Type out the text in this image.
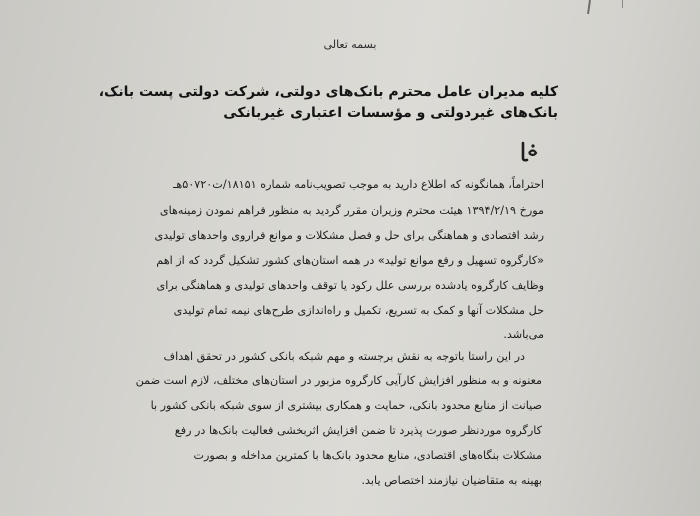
بسمه تعالی
کلیه مدیران عامل محترم بانک‌های دولتی، شرکت دولتی پست بانک،
بانک‌های غیردولتی و مؤسسات اعتباری غیربانکی
احتراماً، همانگونه که اطلاع دارید به موجب تصویب‌نامه شماره ۱۸۱۵۱/ت۵۰۷۲۰هـ
مورخ ۱۳۹۴/۲/۱۹ هیئت محترم وزیران مقرر گردید به منظور فراهم نمودن زمینه‌های
رشد اقتصادی و هماهنگی برای حل و فصل مشکلات و موانع فراروی واحدهای تولیدی
«کارگروه تسهیل و رفع موانع تولید» در همه استان‌های کشور تشکیل گردد که از اهم
وظایف کارگروه یادشده بررسی علل رکود یا توقف واحدهای تولیدی و هماهنگی برای
حل مشکلات آنها و کمک به تسریع، تکمیل و راه‌اندازی طرح‌های نیمه تمام تولیدی
می‌باشد.
در این راستا باتوجه به نقش برجسته و مهم شبکه بانکی کشور در تحقق اهداف
معنونه و به منظور افزایش کارآیی کارگروه مزبور در استان‌های مختلف، لازم است ضمن
صیانت از منابع محدود بانکی، حمایت و همکاری بیشتری از سوی شبکه بانکی کشور با
کارگروه موردنظر صورت پذیرد تا ضمن افزایش اثربخشی فعالیت بانک‌ها در رفع
مشکلات بنگاه‌های اقتصادی، منابع محدود بانک‌ها با کمترین مداخله و بصورت
بهینه به متقاضیان نیازمند اختصاص یابد.
